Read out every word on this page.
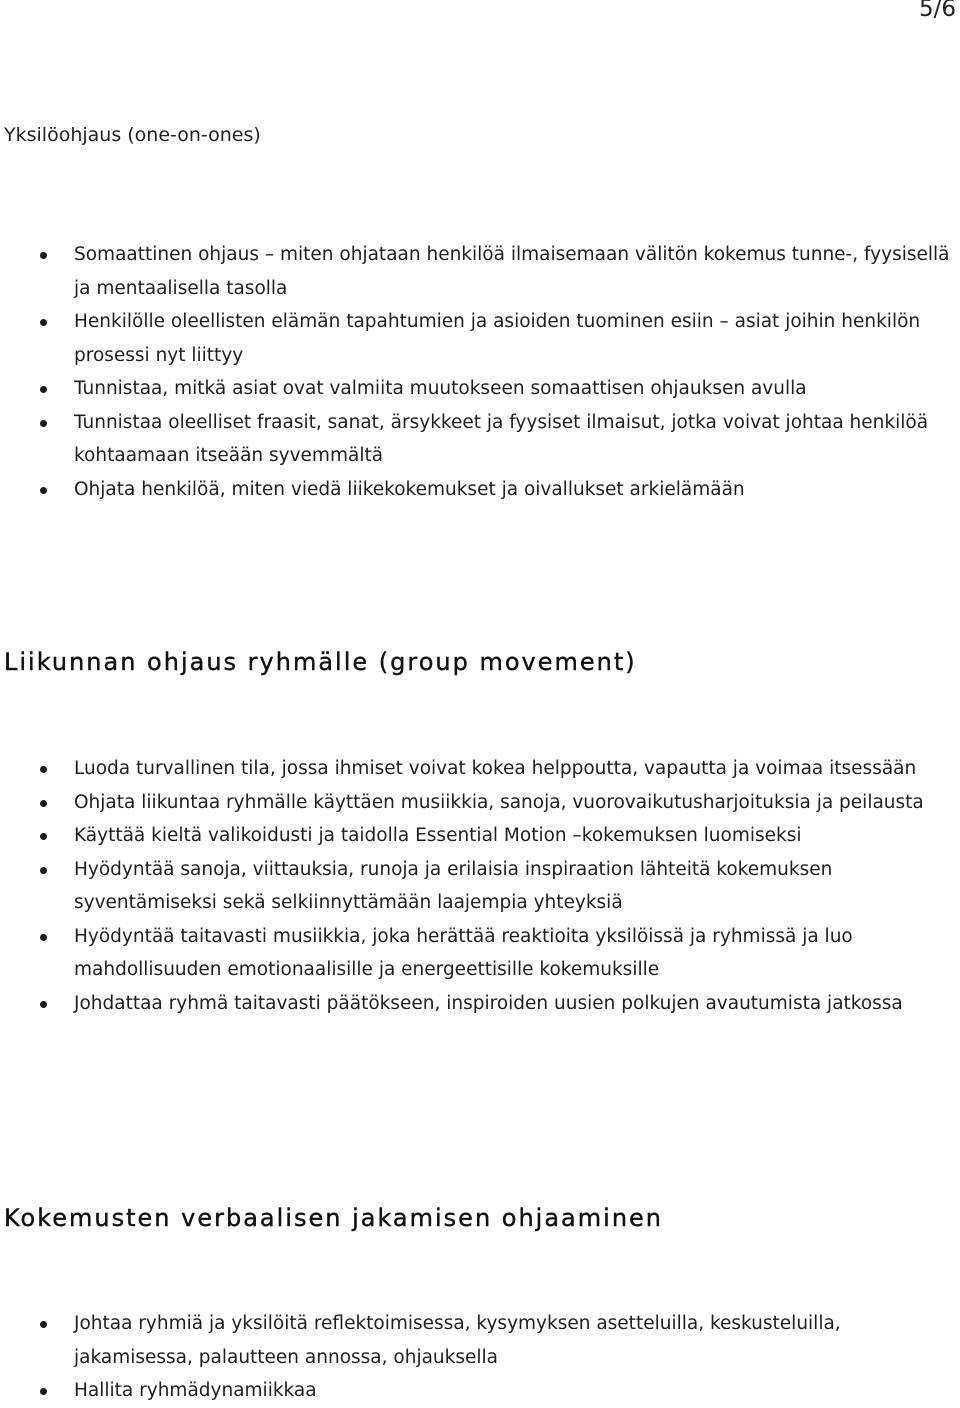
5/6
Yksilöohjaus (one-on-ones)
Somaattinen ohjaus – miten ohjataan henkilöä ilmaisemaan välitön kokemus tunne-, fyysisellä ja mentaalisella tasolla
Henkilölle oleellisten elämän tapahtumien ja asioiden tuominen esiin – asiat joihin henkilön prosessi nyt liittyy
Tunnistaa, mitkä asiat ovat valmiita muutokseen somaattisen ohjauksen avulla
Tunnistaa oleelliset fraasit, sanat, ärsykkeet ja fyysiset ilmaisut, jotka voivat johtaa henkilöä kohtaamaan itseään syvemmältä
Ohjata henkilöä, miten viedä liikekokemukset ja oivallukset arkielämään
Liikunnan ohjaus ryhmälle (group movement)
Luoda turvallinen tila, jossa ihmiset voivat kokea helppoutta, vapautta ja voimaa itsessään
Ohjata liikuntaa ryhmälle käyttäen musiikkia, sanoja, vuorovaikutusharjoituksia ja peilausta
Käyttää kieltä valikoidusti ja taidolla Essential Motion –kokemuksen luomiseksi
Hyödyntää sanoja, viittauksia, runoja ja erilaisia inspiraation lähteitä kokemuksen syventämiseksi sekä selkiinnyttämään laajempia yhteyksiä
Hyödyntää taitavasti musiikkia, joka herättää reaktioita yksilöissä ja ryhmissä ja luo mahdollisuuden emotionaalisille ja energeettisille kokemuksille
Johdattaa ryhmä taitavasti päätökseen, inspiroiden uusien polkujen avautumista jatkossa
Kokemusten verbaalisen jakamisen ohjaaminen
Johtaa ryhmiä ja yksilöitä reflektoimisessa, kysymyksen asetteluilla, keskusteluilla, jakamisessa, palautteen annossa, ohjauksella
Hallita ryhmädynamiikkaa
